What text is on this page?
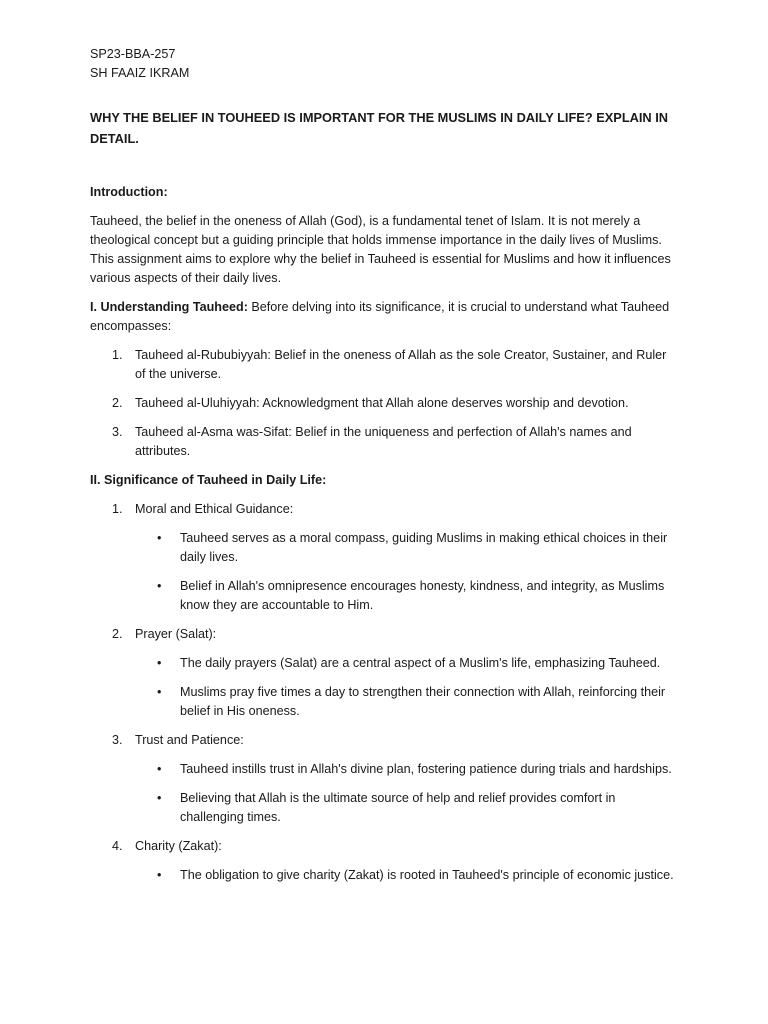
SP23-BBA-257
SH FAAIZ IKRAM
WHY THE BELIEF IN TOUHEED IS IMPORTANT FOR THE MUSLIMS IN DAILY LIFE? EXPLAIN IN DETAIL.
Introduction:

Tauheed, the belief in the oneness of Allah (God), is a fundamental tenet of Islam. It is not merely a theological concept but a guiding principle that holds immense importance in the daily lives of Muslims. This assignment aims to explore why the belief in Tauheed is essential for Muslims and how it influences various aspects of their daily lives.

I. Understanding Tauheed: Before delving into its significance, it is crucial to understand what Tauheed encompasses:
1. Tauheed al-Rububiyyah: Belief in the oneness of Allah as the sole Creator, Sustainer, and Ruler of the universe.
2. Tauheed al-Uluhiyyah: Acknowledgment that Allah alone deserves worship and devotion.
3. Tauheed al-Asma was-Sifat: Belief in the uniqueness and perfection of Allah's names and attributes.
II. Significance of Tauheed in Daily Life:
1. Moral and Ethical Guidance:
• Tauheed serves as a moral compass, guiding Muslims in making ethical choices in their daily lives.
• Belief in Allah's omnipresence encourages honesty, kindness, and integrity, as Muslims know they are accountable to Him.
2. Prayer (Salat):
• The daily prayers (Salat) are a central aspect of a Muslim's life, emphasizing Tauheed.
• Muslims pray five times a day to strengthen their connection with Allah, reinforcing their belief in His oneness.
3. Trust and Patience:
• Tauheed instills trust in Allah's divine plan, fostering patience during trials and hardships.
• Believing that Allah is the ultimate source of help and relief provides comfort in challenging times.
4. Charity (Zakat):
• The obligation to give charity (Zakat) is rooted in Tauheed's principle of economic justice.
